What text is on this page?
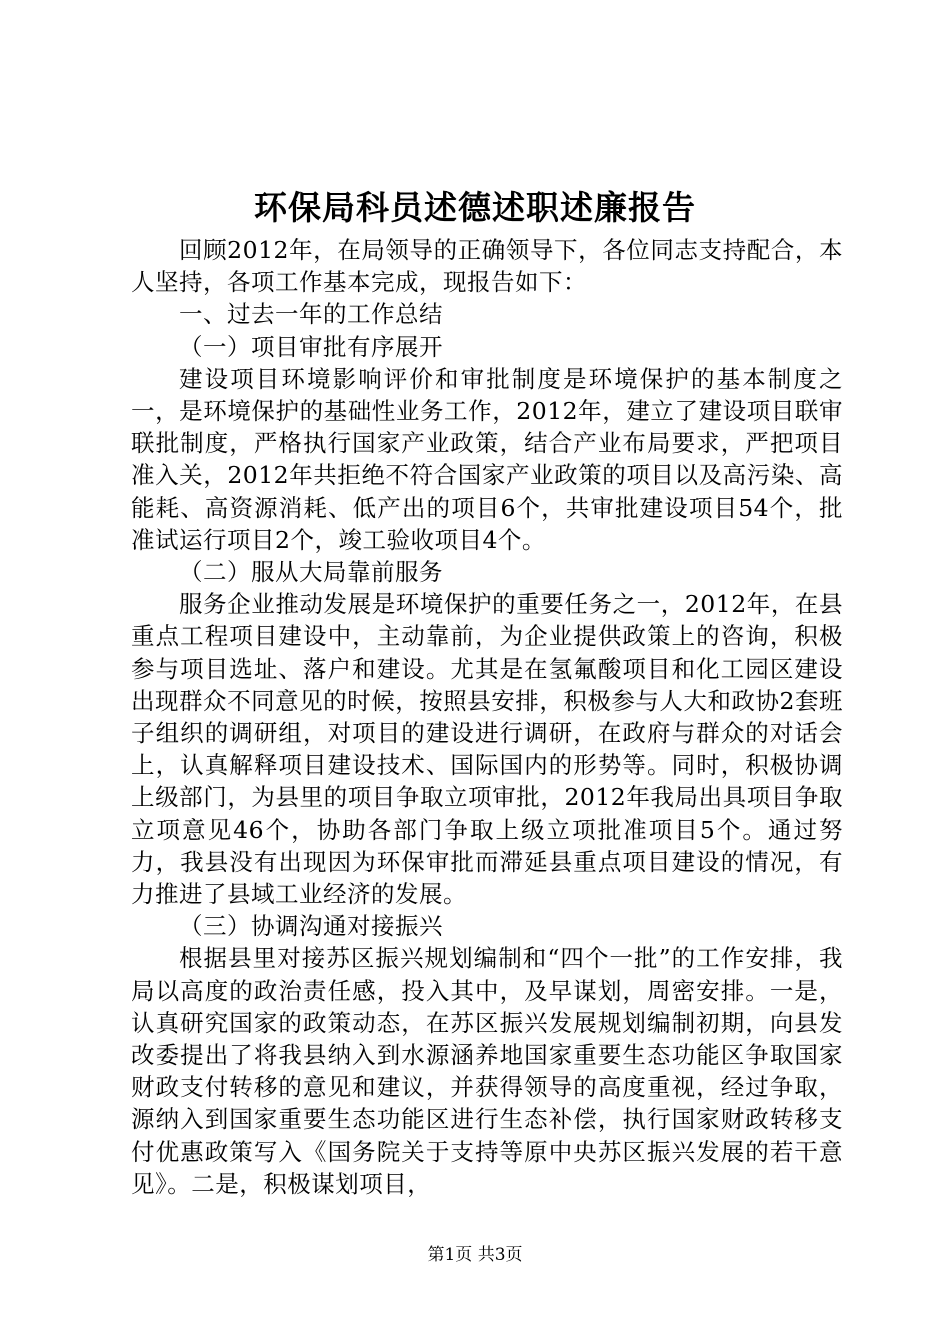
环保局科员述德述职述廉报告

回顾2012年，在局领导的正确领导下，各位同志支持配合，本人坚持，各项工作基本完成，现报告如下：

一、过去一年的工作总结

（一）项目审批有序展开

建设项目环境影响评价和审批制度是环境保护的基本制度之一，是环境保护的基础性业务工作，2012年，建立了建设项目联审联批制度，严格执行国家产业政策，结合产业布局要求，严把项目准入关，2012年共拒绝不符合国家产业政策的项目以及高污染、高能耗、高资源消耗、低产出的项目6个，共审批建设项目54个，批准试运行项目2个，竣工验收项目4个。

（二）服从大局靠前服务

服务企业推动发展是环境保护的重要任务之一，2012年，在县重点工程项目建设中，主动靠前，为企业提供政策上的咨询，积极参与项目选址、落户和建设。尤其是在氢氟酸项目和化工园区建设出现群众不同意见的时候，按照县安排，积极参与人大和政协2套班子组织的调研组，对项目的建设进行调研，在政府与群众的对话会上，认真解释项目建设技术、国际国内的形势等。同时，积极协调上级部门，为县里的项目争取立项审批，2012年我局出具项目争取立项意见46个，协助各部门争取上级立项批准项目5个。通过努力，我县没有出现因为环保审批而滞延县重点项目建设的情况，有力推进了县域工业经济的发展。

（三）协调沟通对接振兴

根据县里对接苏区振兴规划编制和“四个一批”的工作安排，我局以高度的政治责任感，投入其中，及早谋划，周密安排。一是，认真研究国家的政策动态，在苏区振兴发展规划编制初期，向县发改委提出了将我县纳入到水源涵养地国家重要生态功能区争取国家财政支付转移的意见和建议，并获得领导的高度重视，经过争取，源纳入到国家重要生态功能区进行生态补偿，执行国家财政转移支付优惠政策写入《国务院关于支持等原中央苏区振兴发展的若干意见》。二是，积极谋划项目，

第1页 共3页
